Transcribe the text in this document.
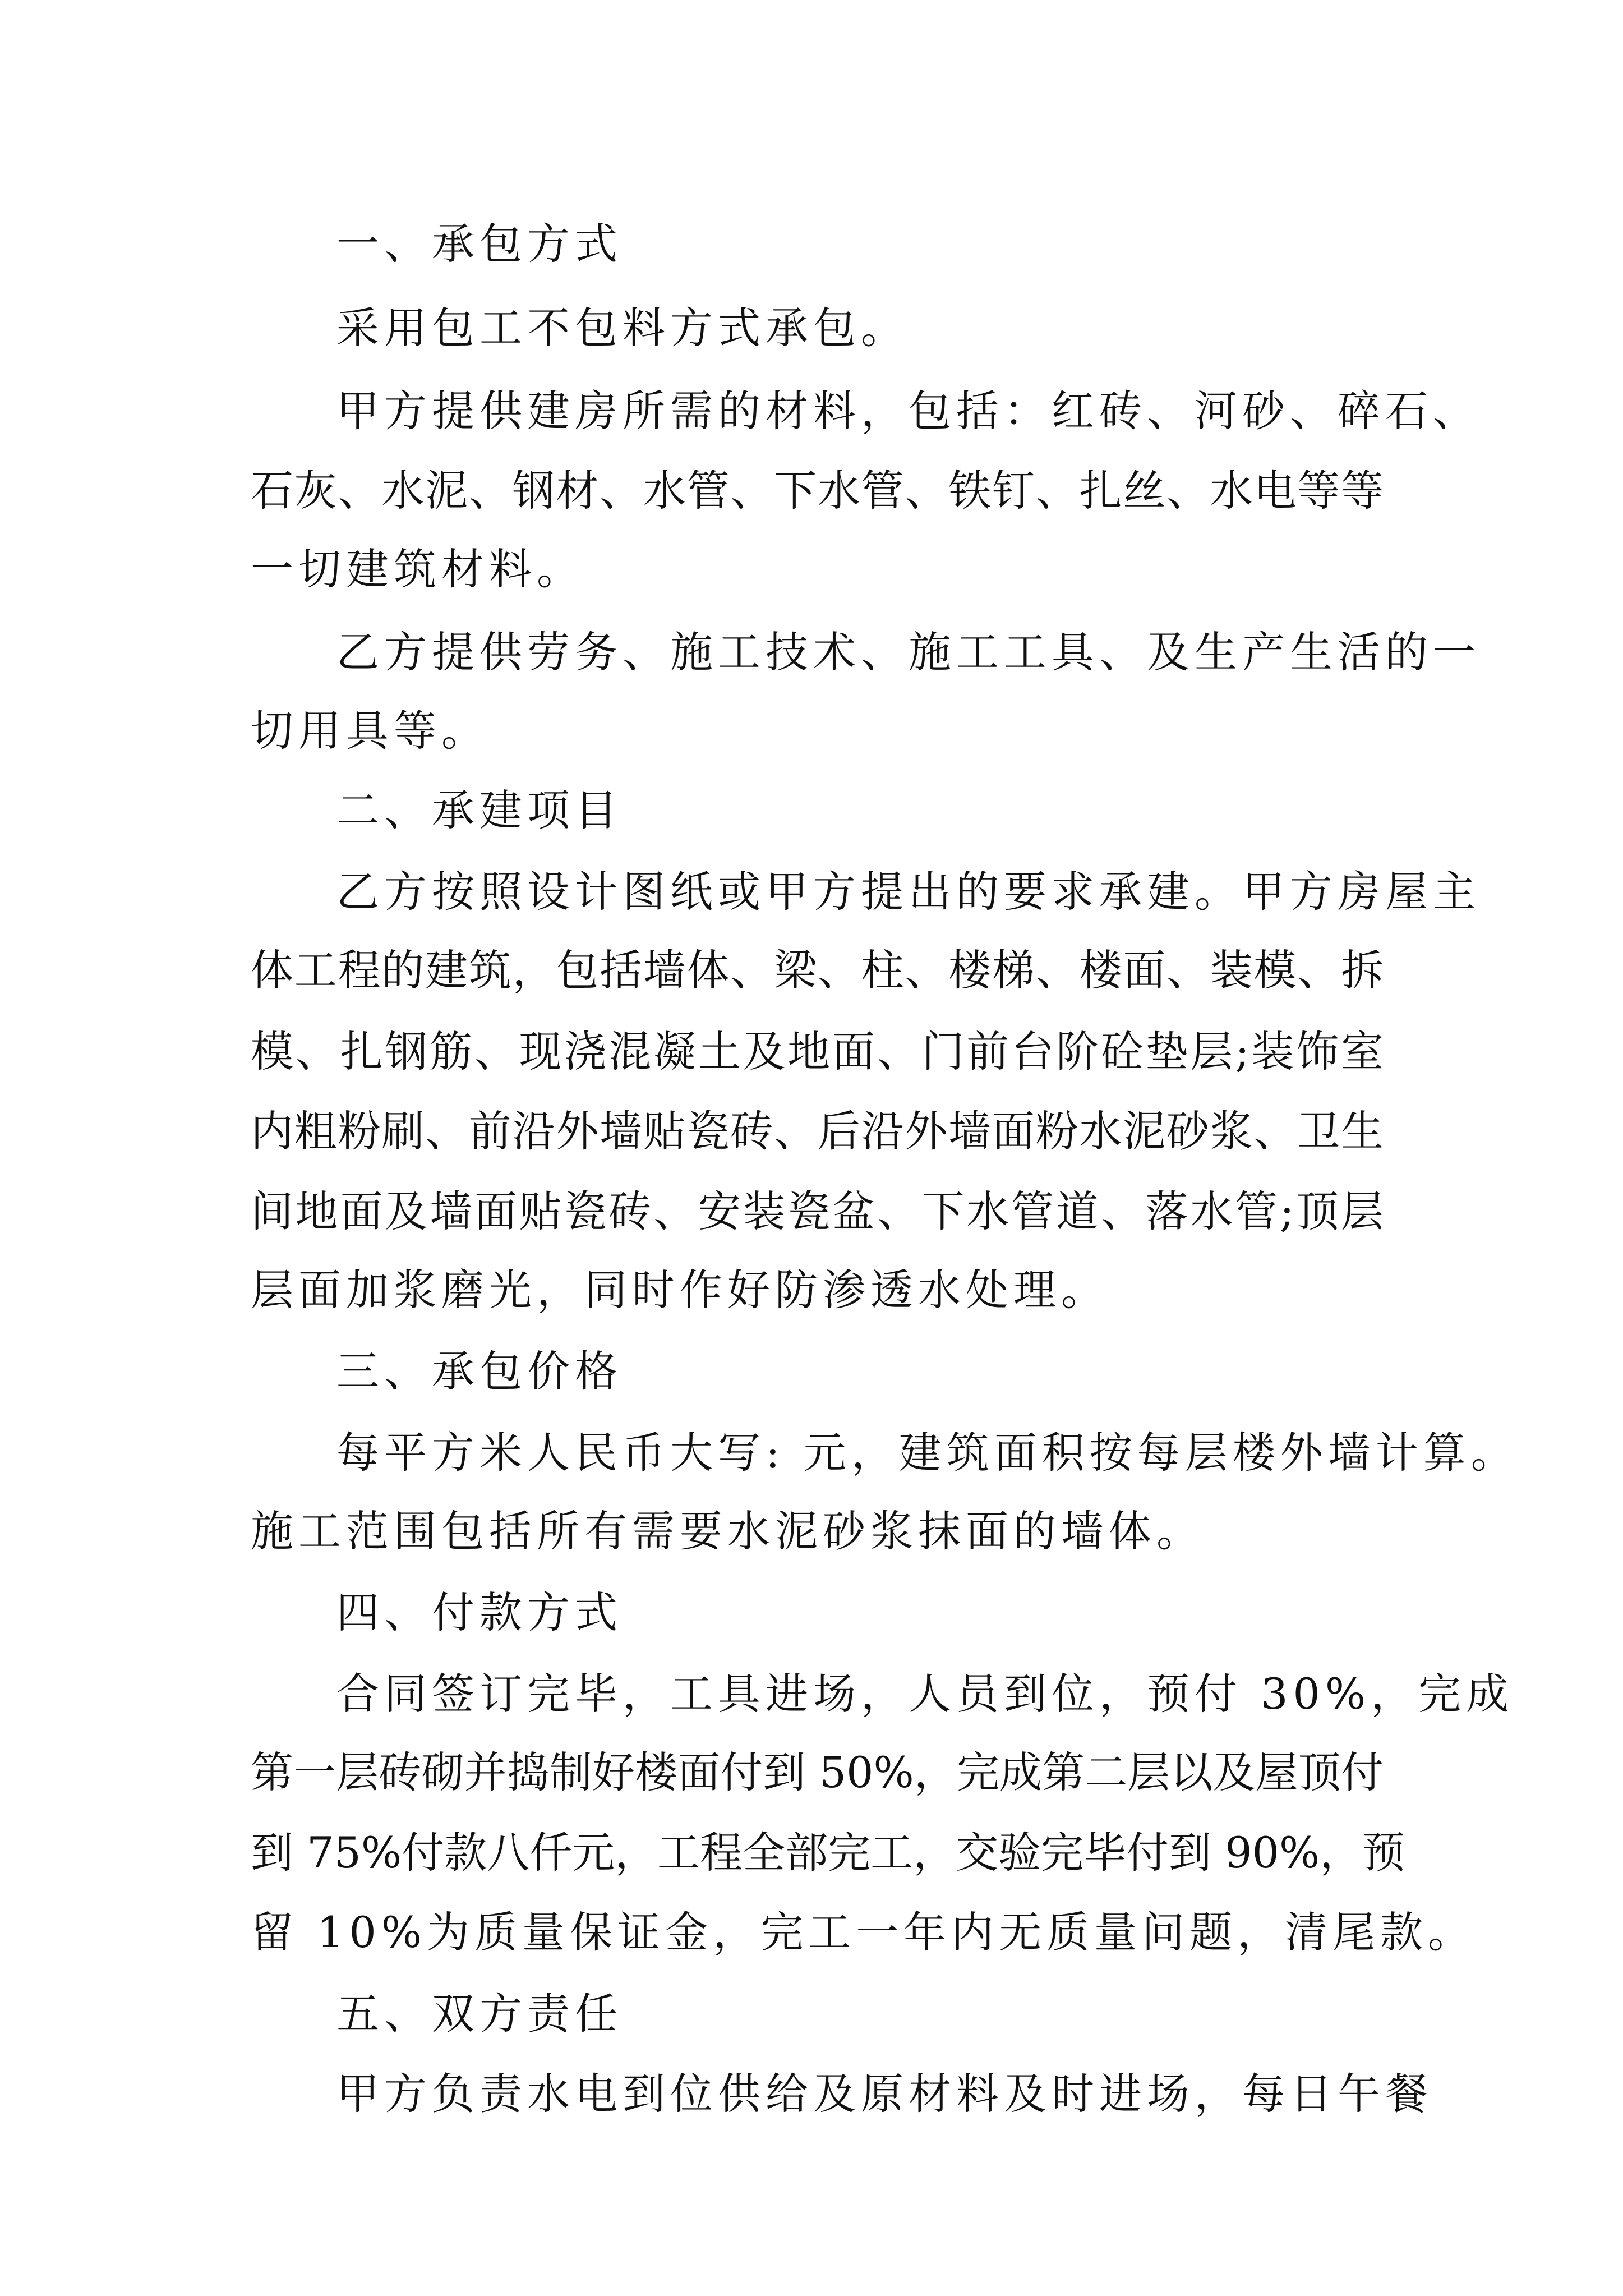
一、承包方式
采用包工不包料方式承包。
甲方提供建房所需的材料，包括：红砖、河砂、碎石、
石灰、水泥、钢材、水管、下水管、铁钉、扎丝、水电等等
一切建筑材料。
乙方提供劳务、施工技术、施工工具、及生产生活的一
切用具等。
二、承建项目
乙方按照设计图纸或甲方提出的要求承建。甲方房屋主
体工程的建筑，包括墙体、梁、柱、楼梯、楼面、装模、拆
模、扎钢筋、现浇混凝土及地面、门前台阶砼垫层;装饰室
内粗粉刷、前沿外墙贴瓷砖、后沿外墙面粉水泥砂浆、卫生
间地面及墙面贴瓷砖、安装瓷盆、下水管道、落水管;顶层
层面加浆磨光，同时作好防渗透水处理。
三、承包价格
每平方米人民币大写: 元，建筑面积按每层楼外墙计算。
施工范围包括所有需要水泥砂浆抹面的墙体。
四、付款方式
合同签订完毕，工具进场，人员到位，预付 30%，完成
第一层砖砌并捣制好楼面付到 50%，完成第二层以及屋顶付
到 75%付款八仟元，工程全部完工，交验完毕付到 90%，预
留 10%为质量保证金，完工一年内无质量问题，清尾款。
五、双方责任
甲方负责水电到位供给及原材料及时进场，每日午餐
